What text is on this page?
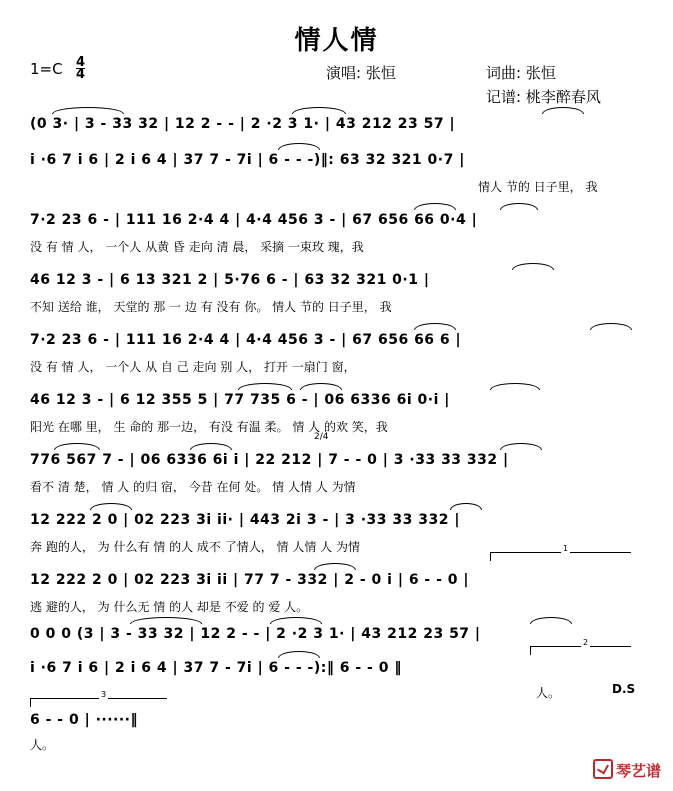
情人情
1=C 4
4	演唱: 张恒	词曲: 张恒
记谱: 桃李醉春风
(0 3· | 3 - 33 32 | 12 2 - - | 2 ·2 3 1· | 43 212 23 57 |
i ·6 7 i 6 | 2 i 6 4 | 37 7 - 7i | 6 - - -)‖: 63 32 321 0·7 |
情人 节的 日子里， 我
7·2 23 6 - | 111 16 2·4 4 | 4·4 456 3 - | 67 656 66 0·4 |
没 有 情 人， 一个人 从黄 昏 走向 清 晨， 采摘 一束玫 瑰，我
46 12 3 - | 6 13 321 2 | 5·76 6 - | 63 32 321 0·1 |
不知 送给 谁， 天堂的 那 一 边 有 没有 你。 情人 节的 日子里， 我
7·2 23 6 - | 111 16 2·4 4 | 4·4 456 3 - | 67 656 66 6 |
没 有 情 人， 一个人 从 自 己 走向 别 人， 打开 一扇门 窗，
46 12 3 - | 6 12 355 5 | 77 735 6 - | 06 6336 6i 0·i |
阳光 在哪 里， 生 命的 那一边， 有没 有温 柔。 情 人 的欢 笑，我
776 567 7 - | 06 6336 6i i | 22 212 | 7 - - 0 | 3 ·33 33 332 |
2/4
看不 清 楚， 情 人 的归 宿， 今昔 在何 处。 情 人情 人 为情
12 222 2 0 | 02 223 3i ii· | 443 2i 3 - | 3 ·33 33 332 |
奔 跑的人， 为 什么有 情 的人 成不 了情人， 情 人情 人 为情
12 222 2 0 | 02 223 3i ii | 77 7 - 332 | 2 - 0 i | 6 - - 0 |
1
逃 避的人， 为 什么无 情 的人 却是 不爱 的 爱 人。
0 0 0 (3 | 3 - 33 32 | 12 2 - - | 2 ·2 3 1· | 43 212 23 57 |
i ·6 7 i 6 | 2 i 6 4 | 37 7 - 7i | 6 - - -):‖ 6 - - 0 ‖
2
人。	D.S
6 - - 0 | ······‖
3
人。
琴艺谱
